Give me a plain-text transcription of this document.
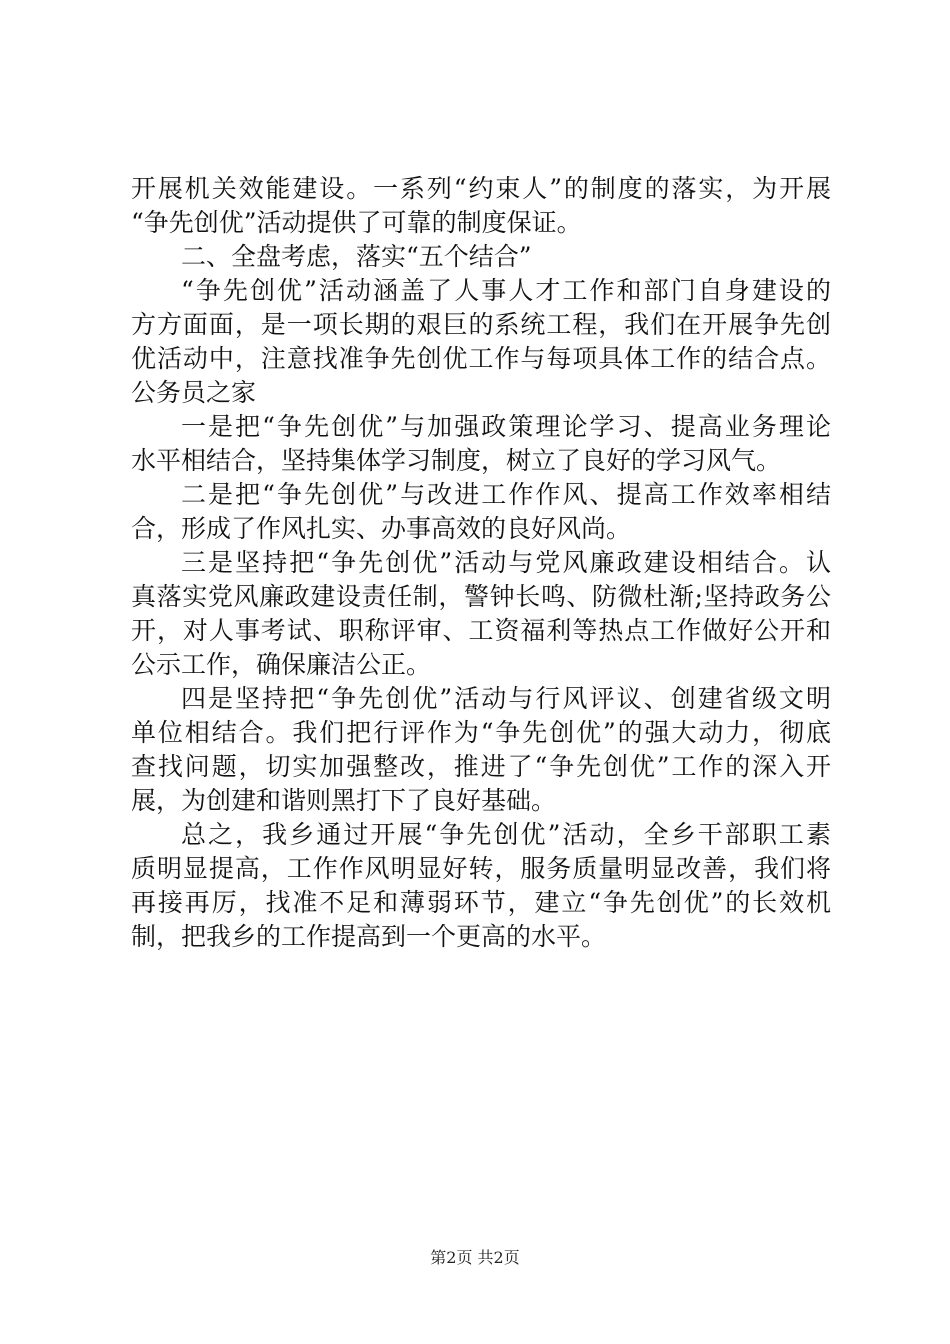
开展机关效能建设。一系列“约束人”的制度的落实，为开展
“争先创优”活动提供了可靠的制度保证。
二、全盘考虑，落实“五个结合”
“争先创优”活动涵盖了人事人才工作和部门自身建设的
方方面面，是一项长期的艰巨的系统工程，我们在开展争先创
优活动中，注意找准争先创优工作与每项具体工作的结合点。
公务员之家
一是把“争先创优”与加强政策理论学习、提高业务理论
水平相结合，坚持集体学习制度，树立了良好的学习风气。
二是把“争先创优”与改进工作作风、提高工作效率相结
合，形成了作风扎实、办事高效的良好风尚。
三是坚持把“争先创优”活动与党风廉政建设相结合。认
真落实党风廉政建设责任制，警钟长鸣、防微杜渐;坚持政务公
开，对人事考试、职称评审、工资福利等热点工作做好公开和
公示工作，确保廉洁公正。
四是坚持把“争先创优”活动与行风评议、创建省级文明
单位相结合。我们把行评作为“争先创优”的强大动力，彻底
查找问题，切实加强整改，推进了“争先创优”工作的深入开
展，为创建和谐则黑打下了良好基础。
总之，我乡通过开展“争先创优”活动，全乡干部职工素
质明显提高，工作作风明显好转，服务质量明显改善，我们将
再接再厉，找准不足和薄弱环节，建立“争先创优”的长效机
制，把我乡的工作提高到一个更高的水平。
第2页 共2页
